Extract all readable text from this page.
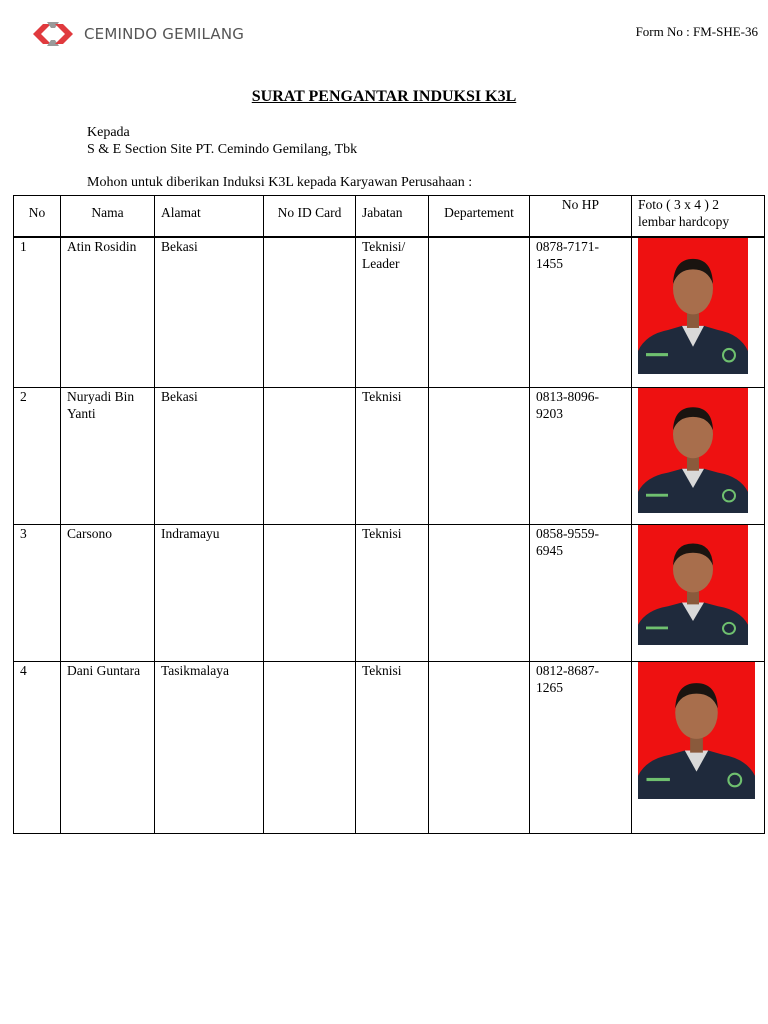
CEMINDO GEMILANG	Form No : FM-SHE-36
SURAT PENGANTAR INDUKSI K3L
Kepada
S & E Section Site PT. Cemindo Gemilang, Tbk
Mohon untuk diberikan Induksi K3L kepada Karyawan Perusahaan :
No	Nama	Alamat	No ID Card	Jabatan	Departement	No HP	Foto ( 3 x 4 ) 2 lembar hardcopy
1	Atin Rosidin	Bekasi		Teknisi/ Leader		0878-7171-1455	

2	Nuryadi Bin Yanti	Bekasi		Teknisi		0813-8096-9203	

3	Carsono	Indramayu		Teknisi		0858-9559-6945	

4	Dani Guntara	Tasikmalaya		Teknisi		0812-8687-1265	
